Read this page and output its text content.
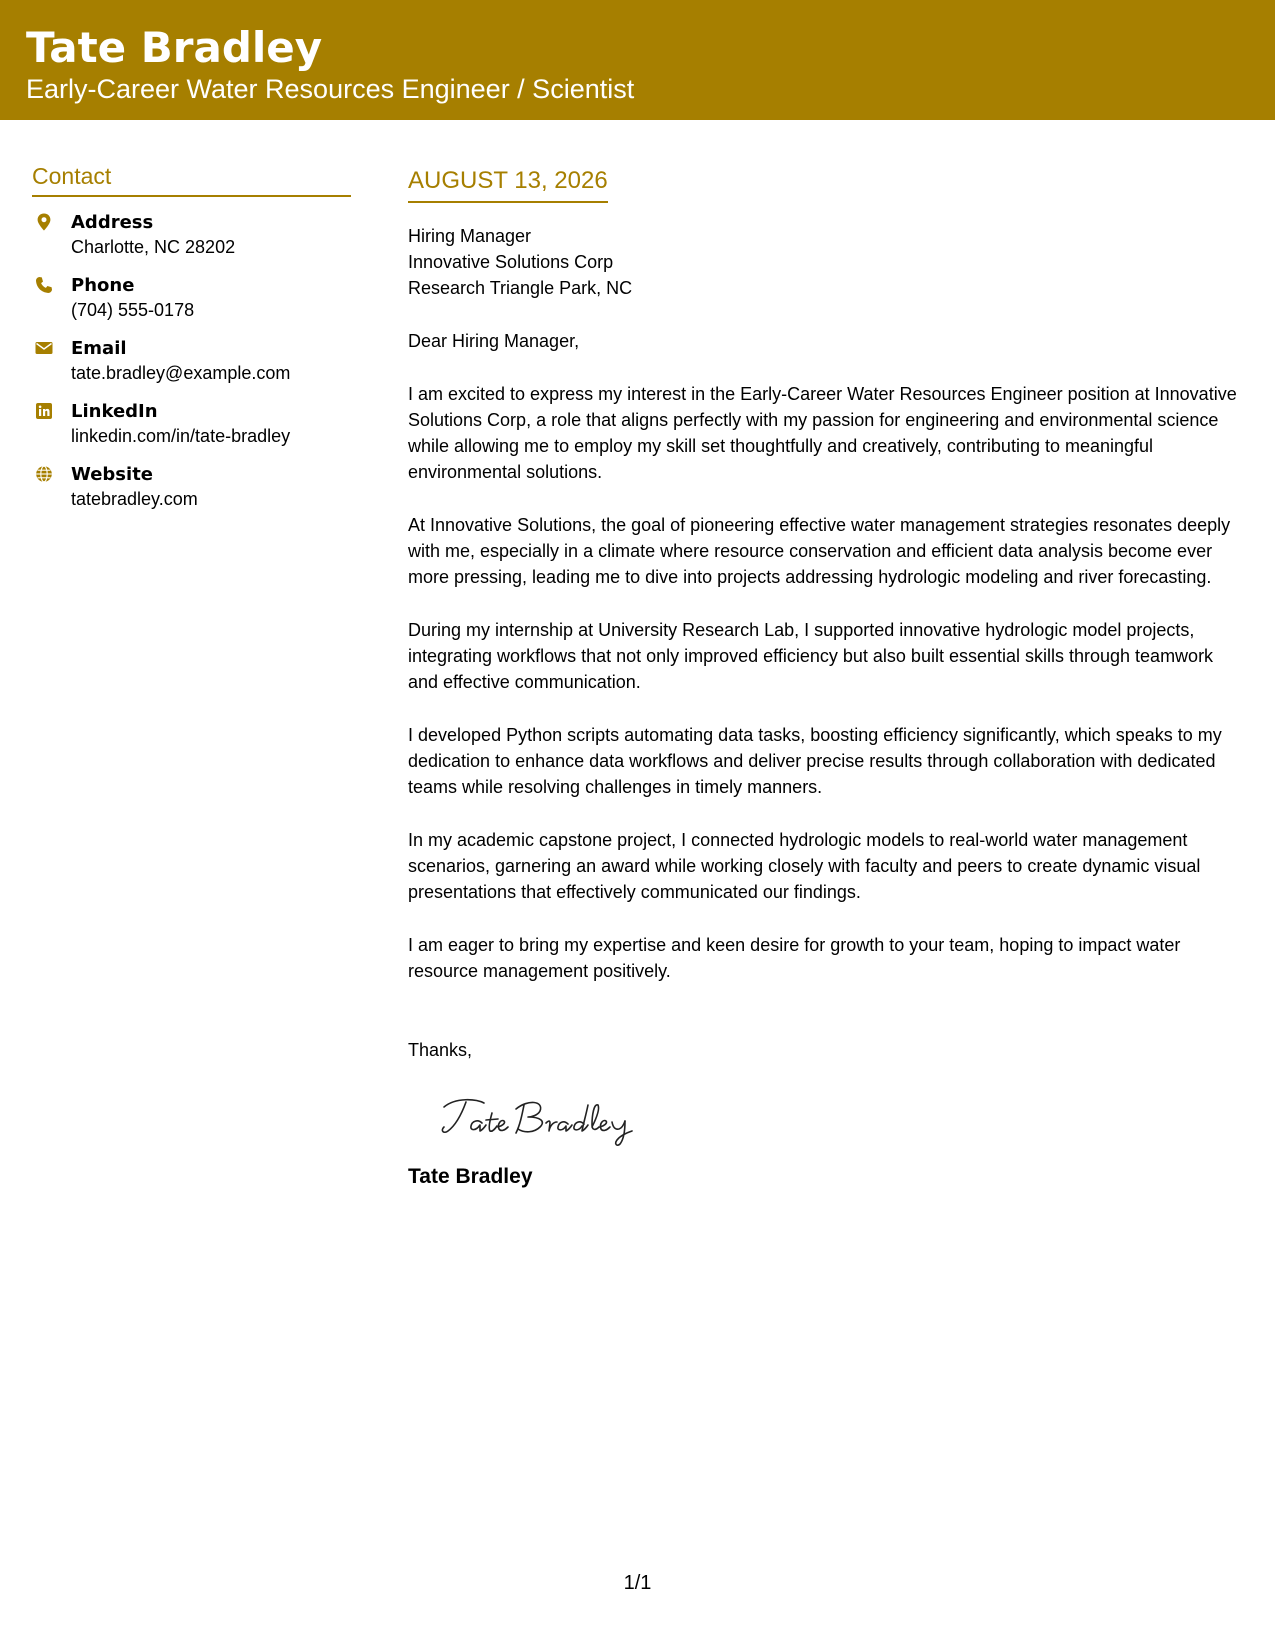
Tate Bradley
Early-Career Water Resources Engineer / Scientist
Contact
Address
Charlotte, NC 28202
Phone
(704) 555-0178
Email
tate.bradley@example.com
LinkedIn
linkedin.com/in/tate-bradley
Website
tatebradley.com
AUGUST 13, 2026
Hiring Manager
Innovative Solutions Corp
Research Triangle Park, NC
Dear Hiring Manager,

I am excited to express my interest in the Early-Career Water Resources Engineer position at Innovative Solutions Corp, a role that aligns perfectly with my passion for engineering and environmental science while allowing me to employ my skill set thoughtfully and creatively, contributing to meaningful environmental solutions.

At Innovative Solutions, the goal of pioneering effective water management strategies resonates deeply with me, especially in a climate where resource conservation and efficient data analysis become ever more pressing, leading me to dive into projects addressing hydrologic modeling and river forecasting.

During my internship at University Research Lab, I supported innovative hydrologic model projects, integrating workflows that not only improved efficiency but also built essential skills through teamwork and effective communication.

I developed Python scripts automating data tasks, boosting efficiency significantly, which speaks to my dedication to enhance data workflows and deliver precise results through collaboration with dedicated teams while resolving challenges in timely manners.

In my academic capstone project, I connected hydrologic models to real-world water management scenarios, garnering an award while working closely with faculty and peers to create dynamic visual presentations that effectively communicated our findings.

I am eager to bring my expertise and keen desire for growth to your team, hoping to impact water resource management positively.

Thanks,
Tate Bradley
1/1
